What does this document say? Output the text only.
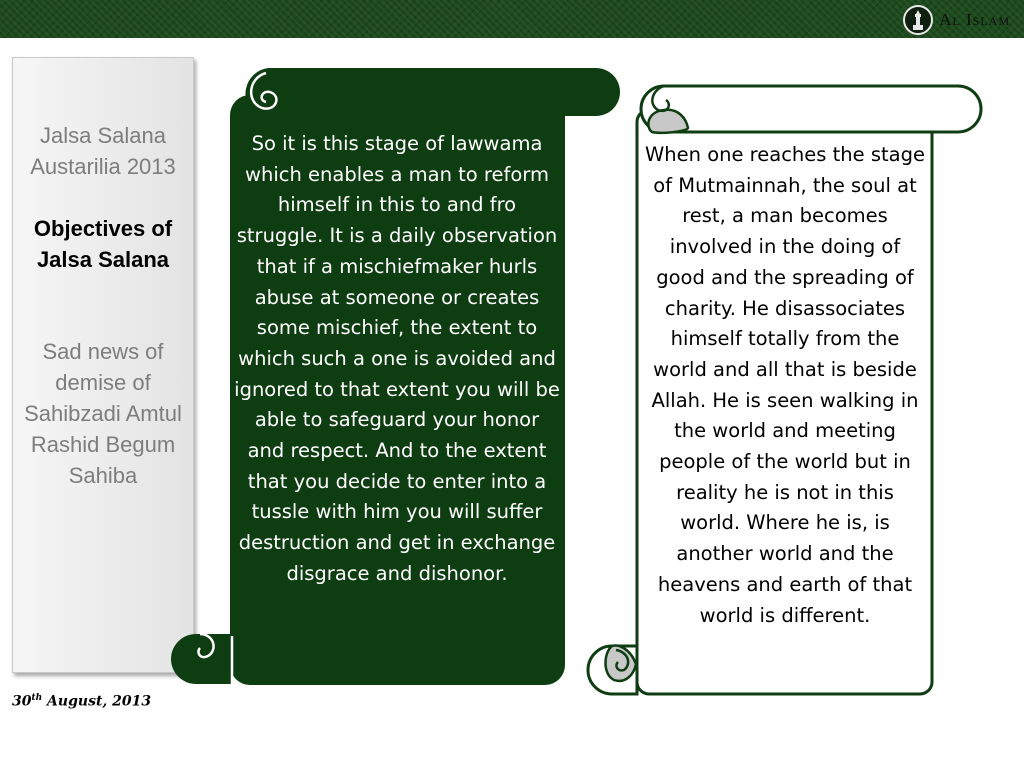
Al Islam
Jalsa Salana Austarilia 2013
Objectives of Jalsa Salana
Sad news of demise of Sahibzadi Amtul Rashid Begum Sahiba
30th August, 2013
So it is this stage of lawwama which enables a man to reform himself in this to and fro struggle. It is a daily observation that if a mischiefmaker hurls abuse at someone or creates some mischief, the extent to which such a one is avoided and ignored to that extent you will be able to safeguard your honor and respect. And to the extent that you decide to enter into a tussle with him you will suffer destruction and get in exchange disgrace and dishonor.
When one reaches the stage of Mutmainnah, the soul at rest, a man becomes involved in the doing of good and the spreading of charity. He disassociates himself totally from the world and all that is beside Allah. He is seen walking in the world and meeting people of the world but in reality he is not in this world. Where he is, is another world and the heavens and earth of that world is different.
